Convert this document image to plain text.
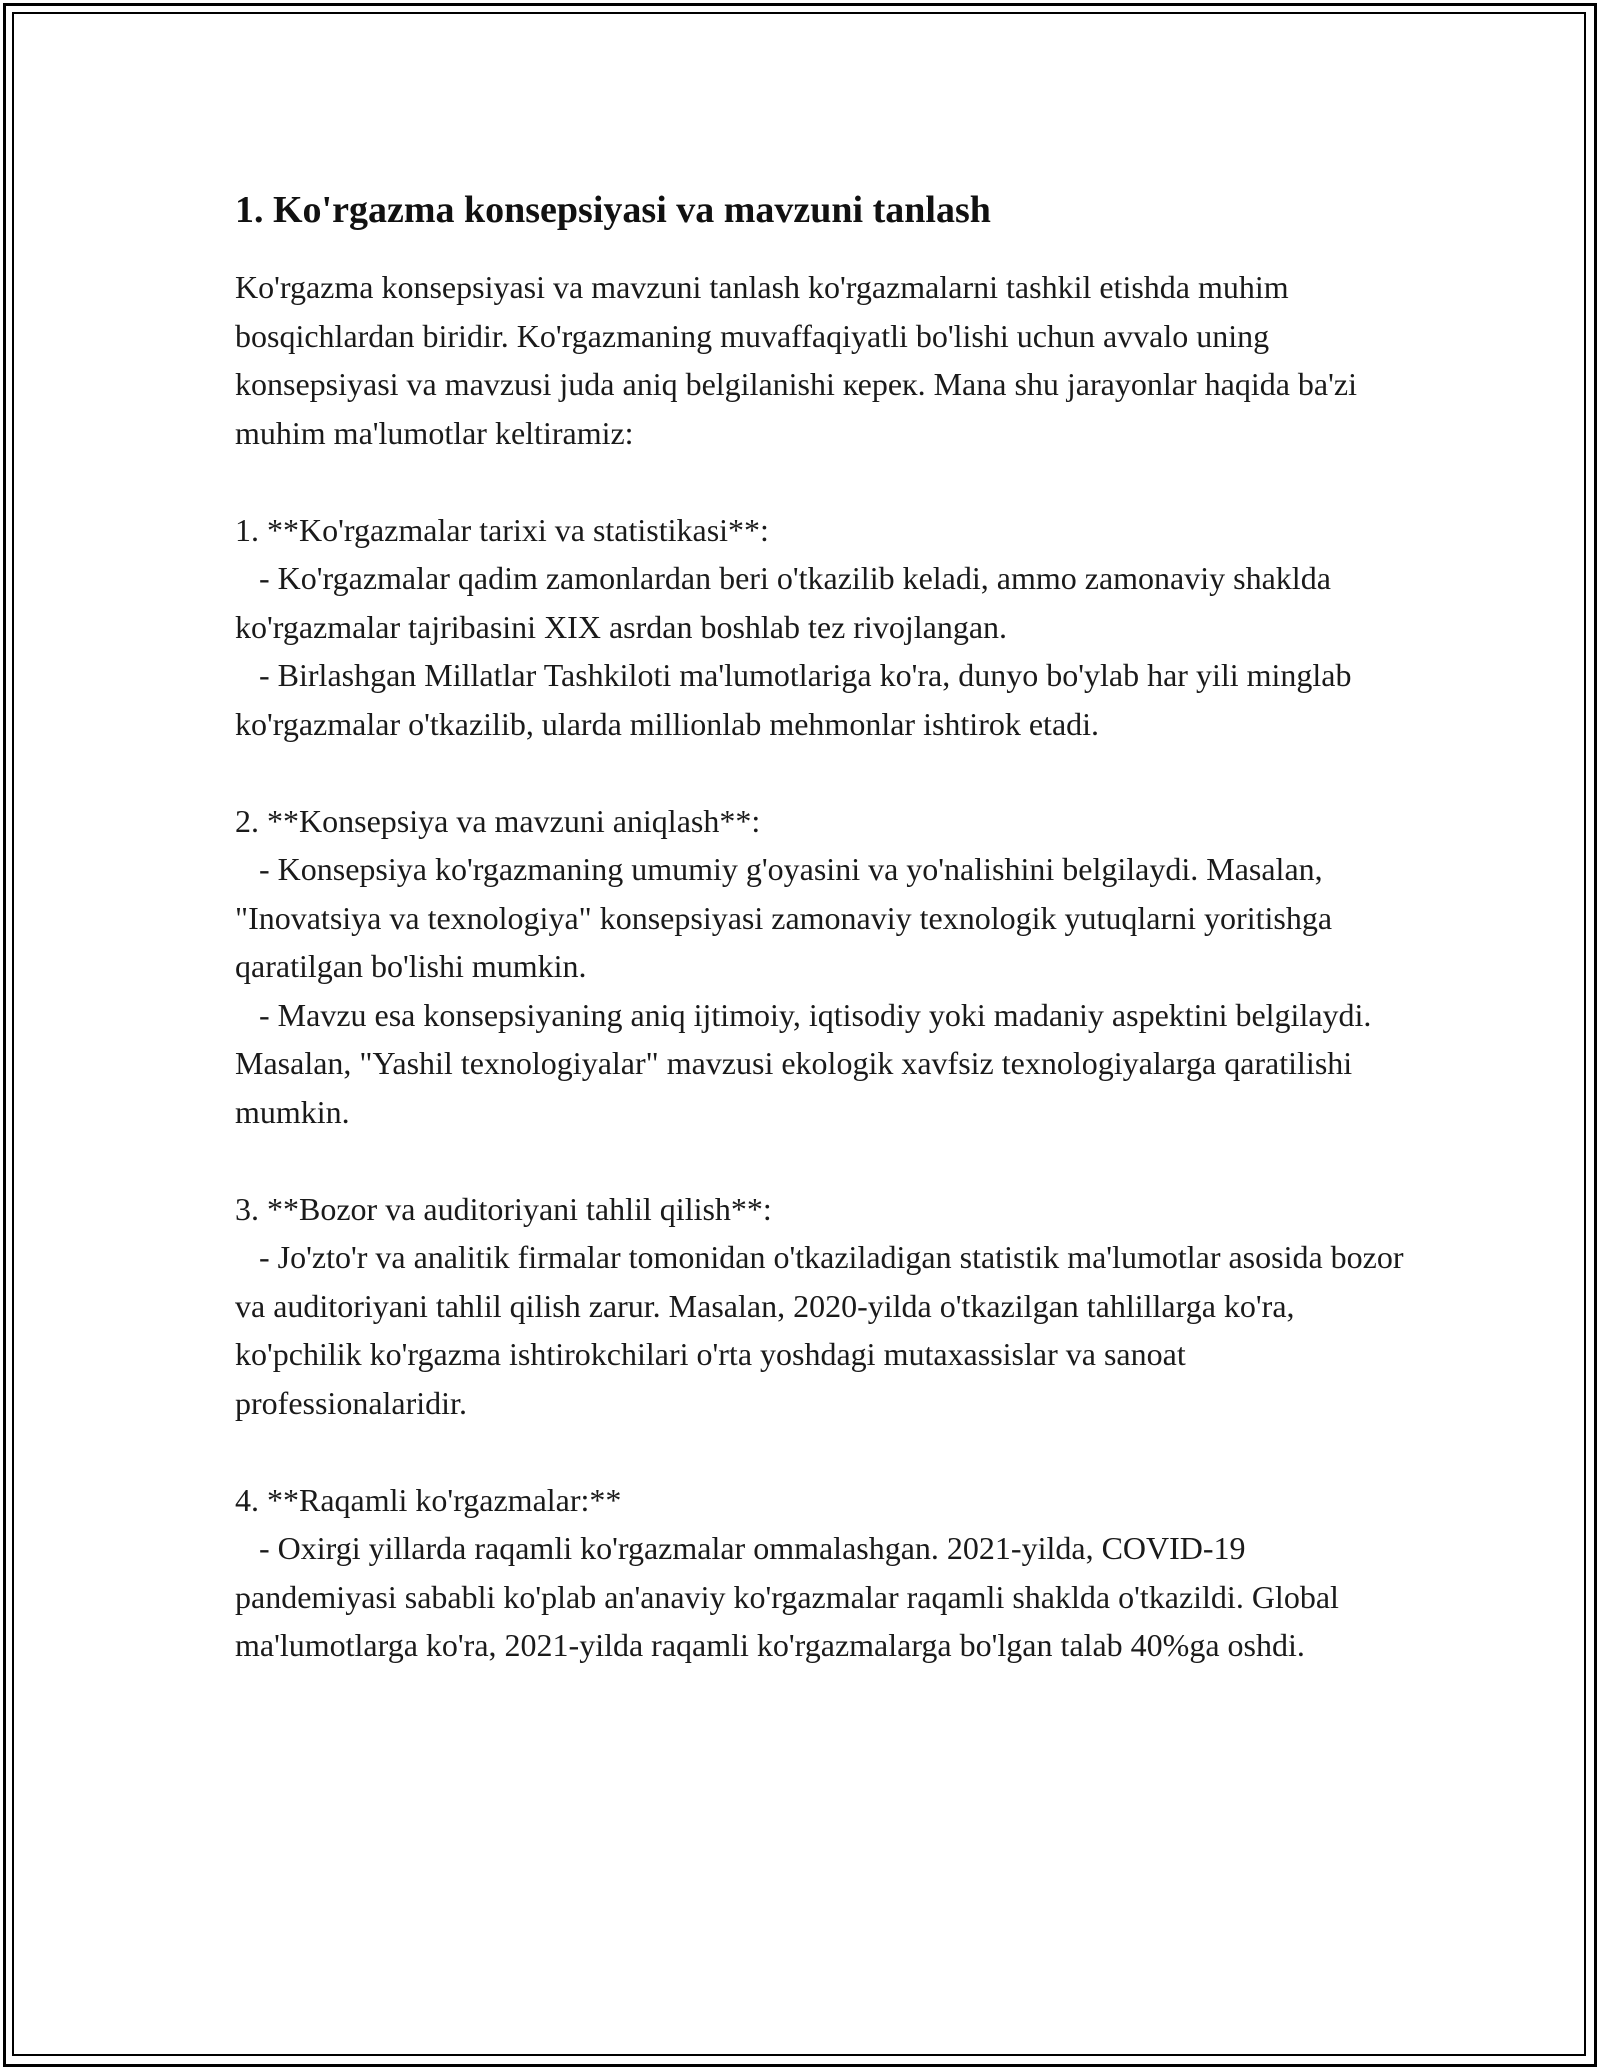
1. Ko'rgazma konsepsiyasi va mavzuni tanlash

Ko'rgazma konsepsiyasi va mavzuni tanlash ko'rgazmalarni tashkil etishda muhim bosqichlardan biridir. Ko'rgazmaning muvaffaqiyatli bo'lishi uchun avvalo uning konsepsiyasi va mavzusi juda aniq belgilanishi керек. Mana shu jarayonlar haqida ba'zi muhim ma'lumotlar keltiramiz:

1. **Ko'rgazmalar tarixi va statistikasi**:

- Ko'rgazmalar qadim zamonlardan beri o'tkazilib keladi, ammo zamonaviy shaklda ko'rgazmalar tajribasini XIX asrdan boshlab tez rivojlangan.

- Birlashgan Millatlar Tashkiloti ma'lumotlariga ko'ra, dunyo bo'ylab har yili minglab ko'rgazmalar o'tkazilib, ularda millionlab mehmonlar ishtirok etadi.

2. **Konsepsiya va mavzuni aniqlash**:

- Konsepsiya ko'rgazmaning umumiy g'oyasini va yo'nalishini belgilaydi. Masalan, "Inovatsiya va texnologiya" konsepsiyasi zamonaviy texnologik yutuqlarni yoritishga qaratilgan bo'lishi mumkin.

- Mavzu esa konsepsiyaning aniq ijtimoiy, iqtisodiy yoki madaniy aspektini belgilaydi. Masalan, "Yashil texnologiyalar" mavzusi ekologik xavfsiz texnologiyalarga qaratilishi mumkin.

3. **Bozor va auditoriyani tahlil qilish**:

- Jo'zto'r va analitik firmalar tomonidan o'tkaziladigan statistik ma'lumotlar asosida bozor va auditoriyani tahlil qilish zarur. Masalan, 2020-yilda o'tkazilgan tahlillarga ko'ra, ko'pchilik ko'rgazma ishtirokchilari o'rta yoshdagi mutaxassislar va sanoat professionalaridir.

4. **Raqamli ko'rgazmalar:**

- Oxirgi yillarda raqamli ko'rgazmalar ommalashgan. 2021-yilda, COVID-19 pandemiyasi sababli ko'plab an'anaviy ko'rgazmalar raqamli shaklda o'tkazildi. Global ma'lumotlarga ko'ra, 2021-yilda raqamli ko'rgazmalarga bo'lgan talab 40%ga oshdi.
